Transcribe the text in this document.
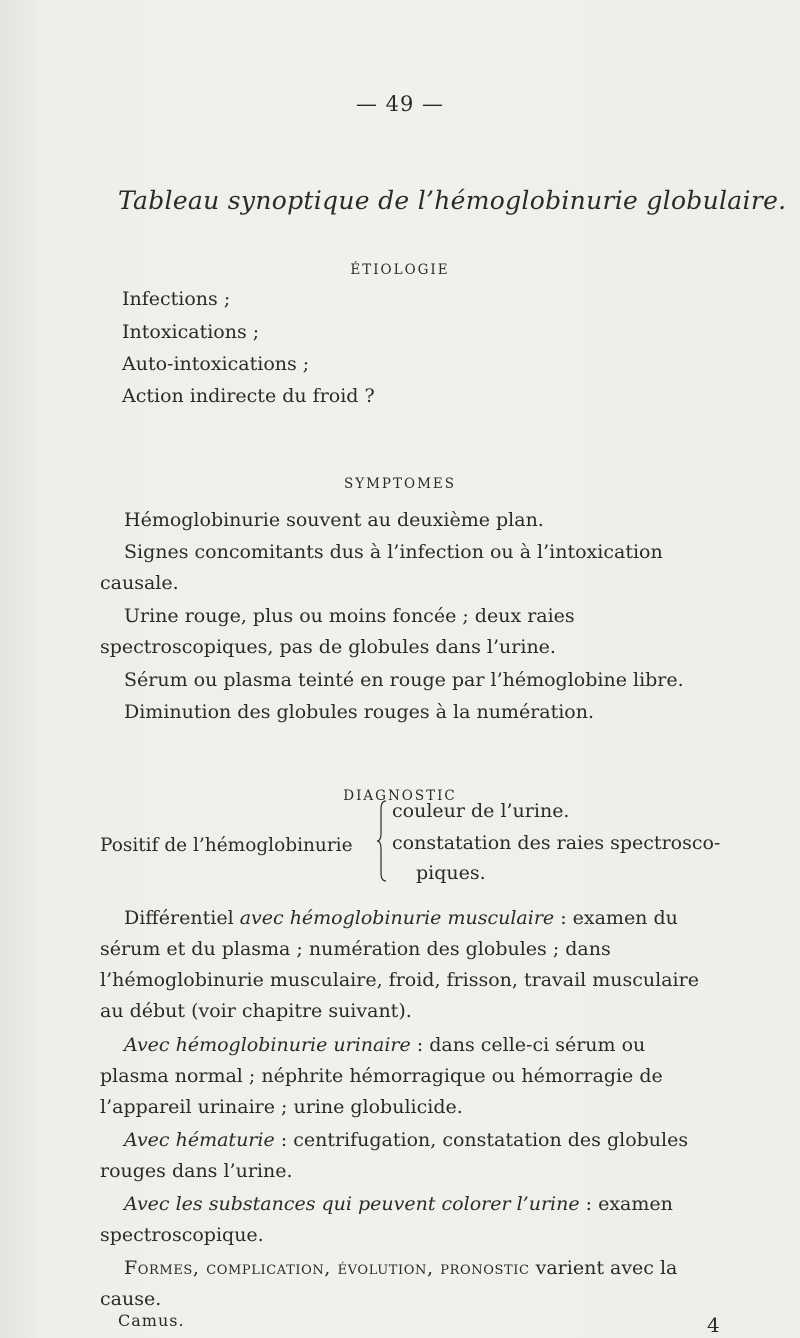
— 49 —
Tableau synoptique de l’hémoglobinurie globulaire.
ÉTIOLOGIE
Infections ;
Intoxications ;
Auto-intoxications ;
Action indirecte du froid ?
SYMPTOMES
Hémoglobinurie souvent au deuxième plan.
Signes concomitants dus à l’infection ou à l’intoxication causale.
Urine rouge, plus ou moins foncée ; deux raies spectroscopiques, pas de globules dans l’urine.
Sérum ou plasma teinté en rouge par l’hémoglobine libre.
Diminution des globules rouges à la numération.
DIAGNOSTIC
Positif de l’hémoglobinurie
couleur de l’urine.
constatation des raies spectrosco-
piques.
Différentiel avec hémoglobinurie musculaire : examen du sérum et du plasma ; numération des globules ; dans l’hémoglobinurie musculaire, froid, frisson, travail musculaire au début (voir chapitre suivant).
Avec hémoglobinurie urinaire : dans celle-ci sérum ou plasma normal ; néphrite hémorragique ou hémorragie de l’appareil urinaire ; urine globulicide.
Avec hématurie : centrifugation, constatation des globules rouges dans l’urine.
Avec les substances qui peuvent colorer l’urine : examen spectroscopique.
Formes, complication, évolution, pronostic varient avec la cause.
Camus.	4
